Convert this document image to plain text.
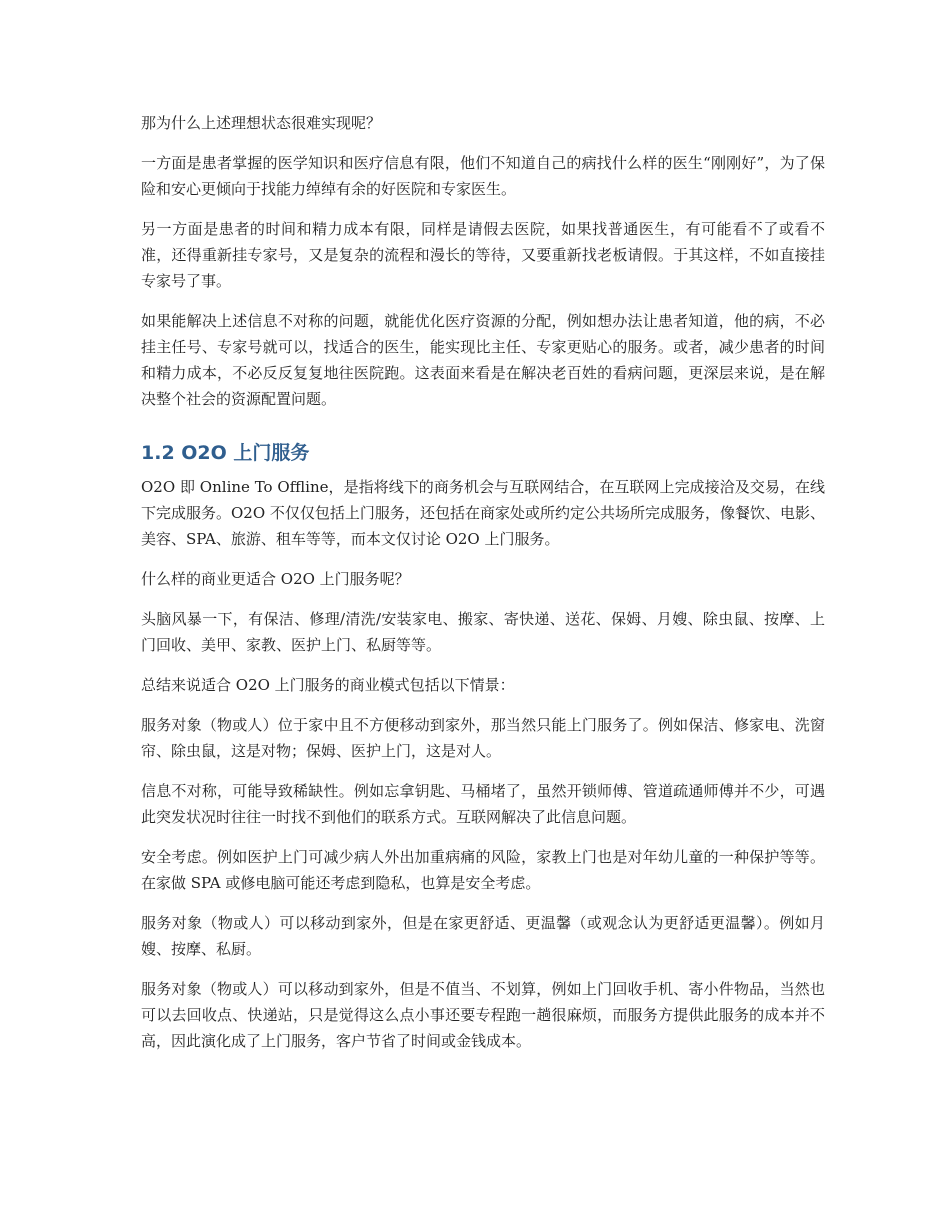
那为什么上述理想状态很难实现呢？

一方面是患者掌握的医学知识和医疗信息有限，他们不知道自己的病找什么样的医生“刚刚好”，为了保险和安心更倾向于找能力绰绰有余的好医院和专家医生。

另一方面是患者的时间和精力成本有限，同样是请假去医院，如果找普通医生，有可能看不了或看不准，还得重新挂专家号，又是复杂的流程和漫长的等待，又要重新找老板请假。于其这样，不如直接挂专家号了事。

如果能解决上述信息不对称的问题，就能优化医疗资源的分配，例如想办法让患者知道，他的病，不必挂主任号、专家号就可以，找适合的医生，能实现比主任、专家更贴心的服务。或者，减少患者的时间和精力成本，不必反反复复地往医院跑。这表面来看是在解决老百姓的看病问题，更深层来说，是在解决整个社会的资源配置问题。

1.2 O2O 上门服务

O2O 即 Online To Offline，是指将线下的商务机会与互联网结合，在互联网上完成接洽及交易，在线下完成服务。O2O 不仅仅包括上门服务，还包括在商家处或所约定公共场所完成服务，像餐饮、电影、美容、SPA、旅游、租车等等，而本文仅讨论 O2O 上门服务。

什么样的商业更适合 O2O 上门服务呢？

头脑风暴一下，有保洁、修理/清洗/安装家电、搬家、寄快递、送花、保姆、月嫂、除虫鼠、按摩、上门回收、美甲、家教、医护上门、私厨等等。

总结来说适合 O2O 上门服务的商业模式包括以下情景：

服务对象（物或人）位于家中且不方便移动到家外，那当然只能上门服务了。例如保洁、修家电、洗窗帘、除虫鼠，这是对物；保姆、医护上门，这是对人。

信息不对称，可能导致稀缺性。例如忘拿钥匙、马桶堵了，虽然开锁师傅、管道疏通师傅并不少，可遇此突发状况时往往一时找不到他们的联系方式。互联网解决了此信息问题。

安全考虑。例如医护上门可减少病人外出加重病痛的风险，家教上门也是对年幼儿童的一种保护等等。在家做 SPA 或修电脑可能还考虑到隐私，也算是安全考虑。

服务对象（物或人）可以移动到家外，但是在家更舒适、更温馨（或观念认为更舒适更温馨）。例如月嫂、按摩、私厨。

服务对象（物或人）可以移动到家外，但是不值当、不划算，例如上门回收手机、寄小件物品，当然也可以去回收点、快递站，只是觉得这么点小事还要专程跑一趟很麻烦，而服务方提供此服务的成本并不高，因此演化成了上门服务，客户节省了时间或金钱成本。
